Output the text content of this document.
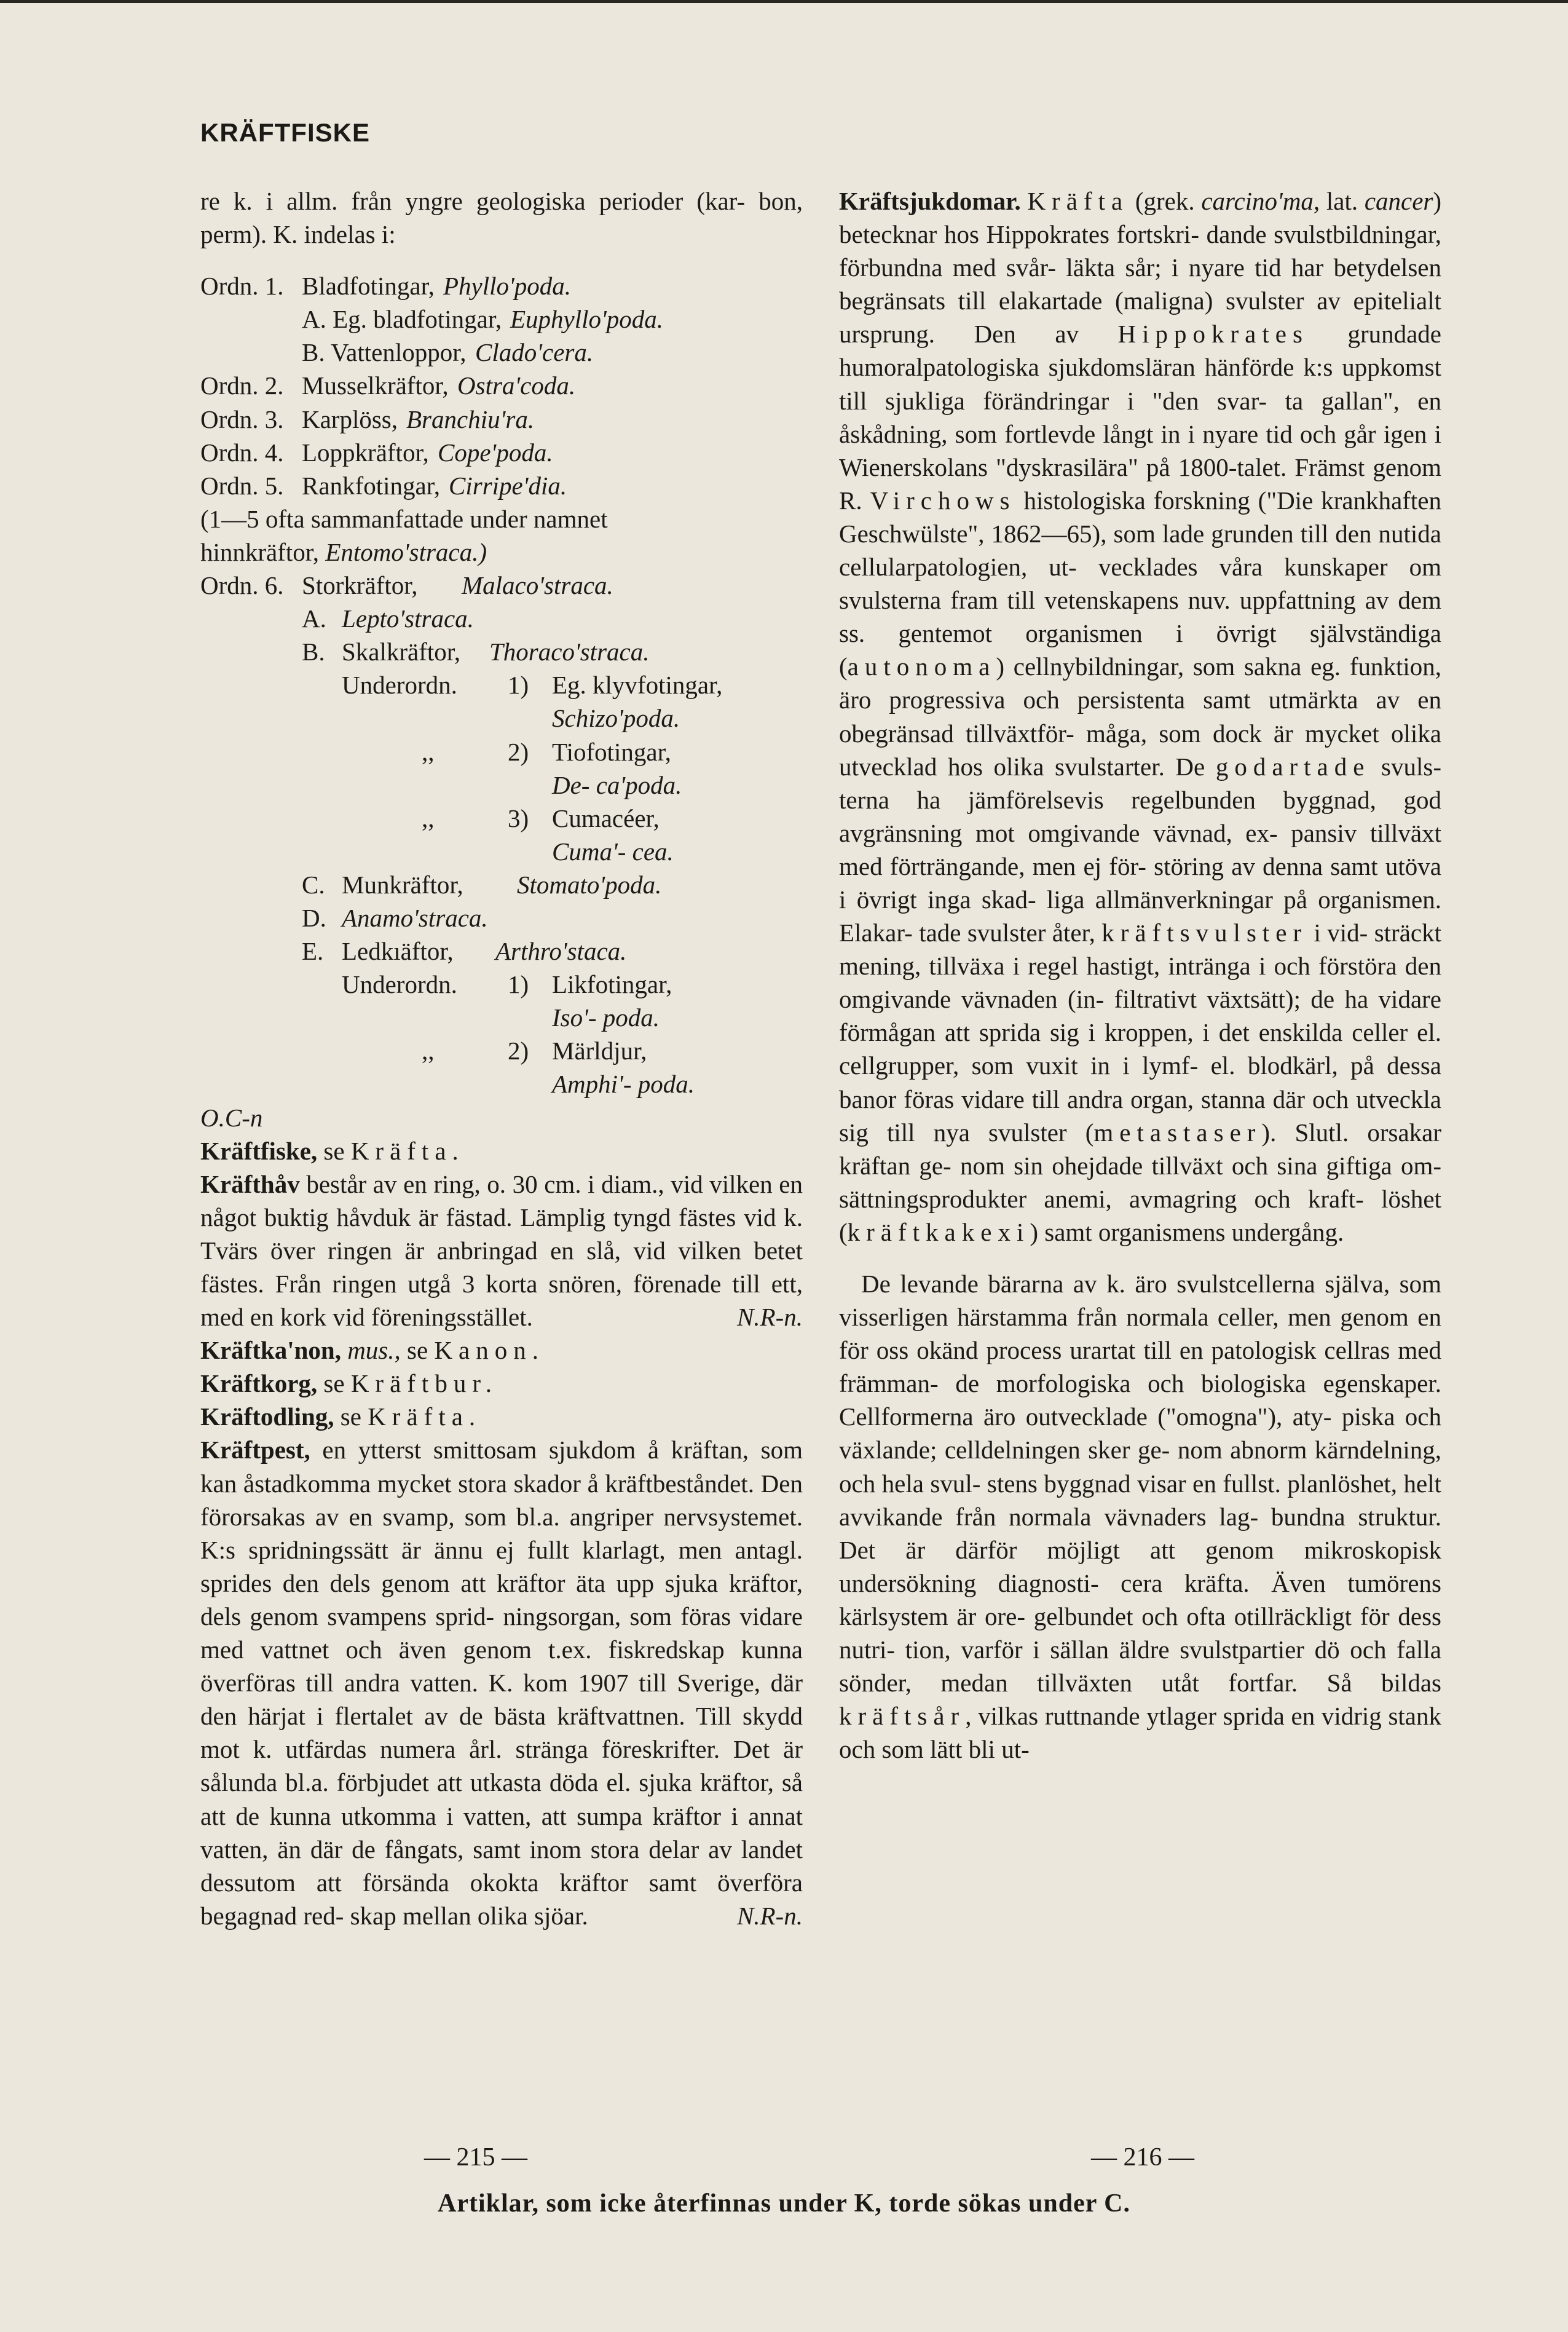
KRÄFTFISKE

re k. i allm. från yngre geologiska perioder (kar- bon, perm). K. indelas i:

Ordn. 1. Bladfotingar, Phyllo'poda.
A. Eg. bladfotingar, Euphyllo'poda.
B. Vattenloppor, Clado'cera.
Ordn. 2. Musselkräftor, Ostra'coda.
Ordn. 3. Karplöss, Branchiu'ra.
Ordn. 4. Loppkräftor, Cope'poda.
Ordn. 5. Rankfotingar, Cirripe'dia.

(1—5 ofta sammanfattade under namnet
hinnkräftor, Entomo'straca.)

Ordn. 6. Storkräftor, Malaco'straca.
A. Lepto'straca.
B. Skalkräftor, Thoraco'straca.
Underordn. 1) Eg. klyvfotingar,
Schizo'poda.
,,	2) Tiofotingar,
De- ca'poda.
,,	3) Cumacéer,
Cuma'- cea.
C. Munkräftor, Stomato'poda.
D. Anamo'straca.
E. Ledkıäftor, Arthro'staca.
Underordn. 1) Likfotingar,
Iso'- poda.
,,	2) Märldjur,
Amphi'- poda.

O.C-n

Kräftfiske, se Kräfta.

Kräfthåv består av en ring, o. 30 cm. i diam., vid vilken en något buktig håvduk är fästad. Lämplig tyngd fästes vid k. Tvärs över ringen är anbringad en slå, vid vilken betet fästes. Från ringen utgå 3 korta snören, förenade till ett, med en kork vid föreningsstället.	N.R-n.

Kräftka'non, mus., se Kanon.

Kräftkorg, se Kräftbur.

Kräftodling, se Kräfta.

Kräftpest, en ytterst smittosam sjukdom å kräftan, som kan åstadkomma mycket stora skador å kräftbeståndet. Den förorsakas av en svamp, som bl.a. angriper nervsystemet. K:s spridningssätt är ännu ej fullt klarlagt, men antagl. sprides den dels genom att kräftor äta upp sjuka kräftor, dels genom svampens sprid- ningsorgan, som föras vidare med vattnet och även genom t.ex. fiskredskap kunna överföras till andra vatten. K. kom 1907 till Sverige, där den härjat i flertalet av de bästa kräftvattnen. Till skydd mot k. utfärdas numera årl. stränga föreskrifter. Det är sålunda bl.a. förbjudet att utkasta döda el. sjuka kräftor, så att de kunna utkomma i vatten, att sumpa kräftor i annat vatten, än där de fångats, samt inom stora delar av landet dessutom att försända okokta kräftor samt överföra begagnad red- skap mellan olika sjöar.	N.R-n.

Kräftsjukdomar. Kräfta (grek. carcino'ma, lat. cancer) betecknar hos Hippokrates fortskri- dande svulstbildningar, förbundna med svår- läkta sår; i nyare tid har betydelsen begränsats till elakartade (maligna) svulster av epitelialt ursprung. Den av Hippokrates grundade humoralpatologiska sjukdomsläran hänförde k:s uppkomst till sjukliga förändringar i "den svar- ta gallan", en åskådning, som fortlevde långt in i nyare tid och går igen i Wienerskolans "dyskrasilära" på 1800-talet. Främst genom R. Virchows histologiska forskning ("Die krankhaften Geschwülste", 1862—65), som lade grunden till den nutida cellularpatologien, ut- vecklades våra kunskaper om svulsterna fram till vetenskapens nuv. uppfattning av dem ss. gentemot organismen i övrigt självständiga (autonoma) cellnybildningar, som sakna eg. funktion, äro progressiva och persistenta samt utmärkta av en obegränsad tillväxtför- måga, som dock är mycket olika utvecklad hos olika svulstarter. De godartade svuls- terna ha jämförelsevis regelbunden byggnad, god avgränsning mot omgivande vävnad, ex- pansiv tillväxt med förträngande, men ej för- störing av denna samt utöva i övrigt inga skad- liga allmänverkningar på organismen. Elakar- tade svulster åter, kräftsvulster i vid- sträckt mening, tillväxa i regel hastigt, intränga i och förstöra den omgivande vävnaden (in- filtrativt växtsätt); de ha vidare förmågan att sprida sig i kroppen, i det enskilda celler el. cellgrupper, som vuxit in i lymf- el. blodkärl, på dessa banor föras vidare till andra organ, stanna där och utveckla sig till nya svulster (metastaser). Slutl. orsakar kräftan ge- nom sin ohejdade tillväxt och sina giftiga om- sättningsprodukter anemi, avmagring och kraft- löshet (kräftkakexi) samt organismens undergång.

De levande bärarna av k. äro svulstcellerna själva, som visserligen härstamma från normala celler, men genom en för oss okänd process urartat till en patologisk cellras med främman- de morfologiska och biologiska egenskaper. Cellformerna äro outvecklade ("omogna"), aty- piska och växlande; celldelningen sker ge- nom abnorm kärndelning, och hela svul- stens byggnad visar en fullst. planlöshet, helt avvikande från normala vävnaders lag- bundna struktur. Det är därför möjligt att genom mikroskopisk undersökning diagnosti- cera kräfta. Även tumörens kärlsystem är ore- gelbundet och ofta otillräckligt för dess nutri- tion, varför i sällan äldre svulstpartier dö och falla sönder, medan tillväxten utåt fortfar. Så bildas kräftsår, vilkas ruttnande ytlager sprida en vidrig stank och som lätt bli ut-

— 215 —	— 216 —
Artiklar, som icke återfinnas under K, torde sökas under C.
